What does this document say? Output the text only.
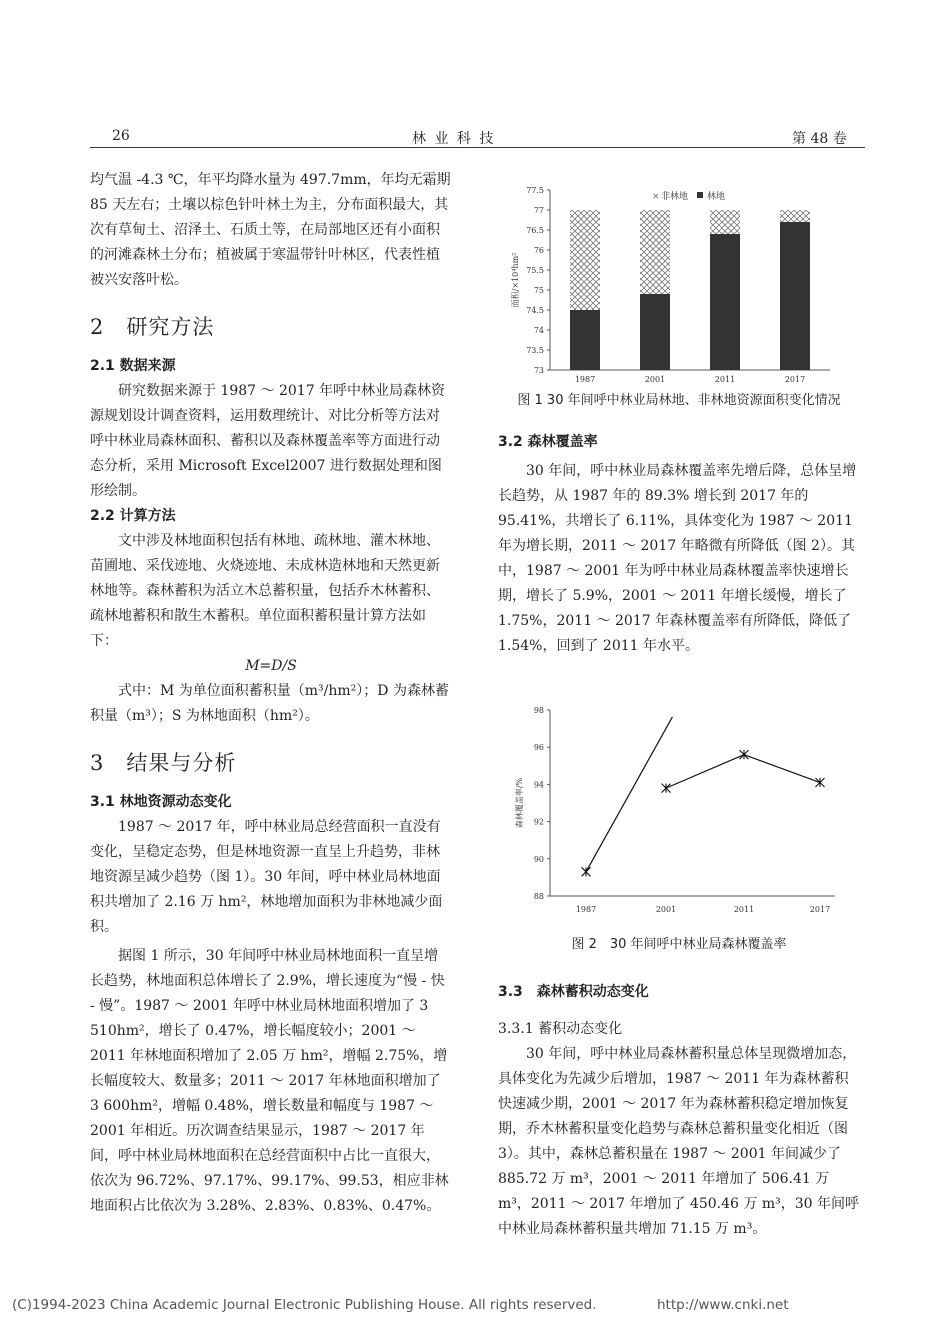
26	林 业 科 技	第 48 卷

均气温 -4.3 ℃，年平均降水量为 497.7mm，年均无霜期 85 天左右；土壤以棕色针叶林土为主，分布面积最大，其次有草甸土、沼泽土、石质土等，在局部地区还有小面积的河滩森林土分布；植被属于寒温带针叶林区，代表性植被兴安落叶松。

2　研究方法
2.1 数据来源

研究数据来源于 1987 ～ 2017 年呼中林业局森林资源规划设计调查资料，运用数理统计、对比分析等方法对呼中林业局森林面积、蓄积以及森林覆盖率等方面进行动态分析，采用 Microsoft Excel2007 进行数据处理和图形绘制。

2.2 计算方法

文中涉及林地面积包括有林地、疏林地、灌木林地、苗圃地、采伐迹地、火烧迹地、未成林造林地和天然更新林地等。森林蓄积为活立木总蓄积量，包括乔木林蓄积、疏林地蓄积和散生木蓄积。单位面积蓄积量计算方法如下：

M=D/S

式中：M 为单位面积蓄积量（m³/hm²）；D 为森林蓄积量（m³）；S 为林地面积（hm²）。

3　结果与分析
3.1 林地资源动态变化

1987 ～ 2017 年，呼中林业局总经营面积一直没有变化，呈稳定态势，但是林地资源一直呈上升趋势，非林地资源呈减少趋势（图 1）。30 年间，呼中林业局林地面积共增加了 2.16 万 hm²，林地增加面积为非林地减少面积。

据图 1 所示，30 年间呼中林业局林地面积一直呈增长趋势，林地面积总体增长了 2.9%，增长速度为“慢 - 快 - 慢”。1987 ～ 2001 年呼中林业局林地面积增加了 3 510hm²，增长了 0.47%，增长幅度较小；2001 ～ 2011 年林地面积增加了 2.05 万 hm²，增幅 2.75%，增长幅度较大、数量多；2011 ～ 2017 年林地面积增加了 3 600hm²，增幅 0.48%，增长数量和幅度与 1987 ～ 2001 年相近。历次调查结果显示，1987 ～ 2017 年间，呼中林业局林地面积在总经营面积中占比一直很大，依次为 96.72%、97.17%、99.17%、99.53，相应非林地面积占比依次为 3.28%、2.83%、0.83%、0.47%。

73
73.5
74
74.5
75
75.5
76
76.5
77
77.5
面积/×10⁴hm²
1987	2001	2011	2017
× 非林地 林地
图 1 30 年间呼中林业局林地、非林地资源面积变化情况
3.2 森林覆盖率

30 年间，呼中林业局森林覆盖率先增后降，总体呈增长趋势，从 1987 年的 89.3% 增长到 2017 年的 95.41%，共增长了 6.11%，具体变化为 1987 ～ 2011 年为增长期，2011 ～ 2017 年略微有所降低（图 2）。其中，1987 ～ 2001 年为呼中林业局森林覆盖率快速增长期，增长了 5.9%，2001 ～ 2011 年增长缓慢，增长了 1.75%，2011 ～ 2017 年森林覆盖率有所降低，降低了 1.54%，回到了 2011 年水平。

88
90
92
94
96
98
森林覆盖率/%
1987	2001	2011	2017
图 2　30 年间呼中林业局森林覆盖率
3.3　森林蓄积动态变化
3.3.1 蓄积动态变化

30 年间，呼中林业局森林蓄积量总体呈现微增加态，具体变化为先减少后增加，1987 ～ 2011 年为森林蓄积快速减少期，2001 ～ 2017 年为森林蓄积稳定增加恢复期，乔木林蓄积量变化趋势与森林总蓄积量变化相近（图 3）。其中，森林总蓄积量在 1987 ～ 2001 年间减少了 885.72 万 m³，2001 ～ 2011 年增加了 506.41 万 m³，2011 ～ 2017 年增加了 450.46 万 m³，30 年间呼中林业局森林蓄积量共增加 71.15 万 m³。

(C)1994-2023 China Academic Journal Electronic Publishing House. All rights reserved.	http://www.cnki.net
